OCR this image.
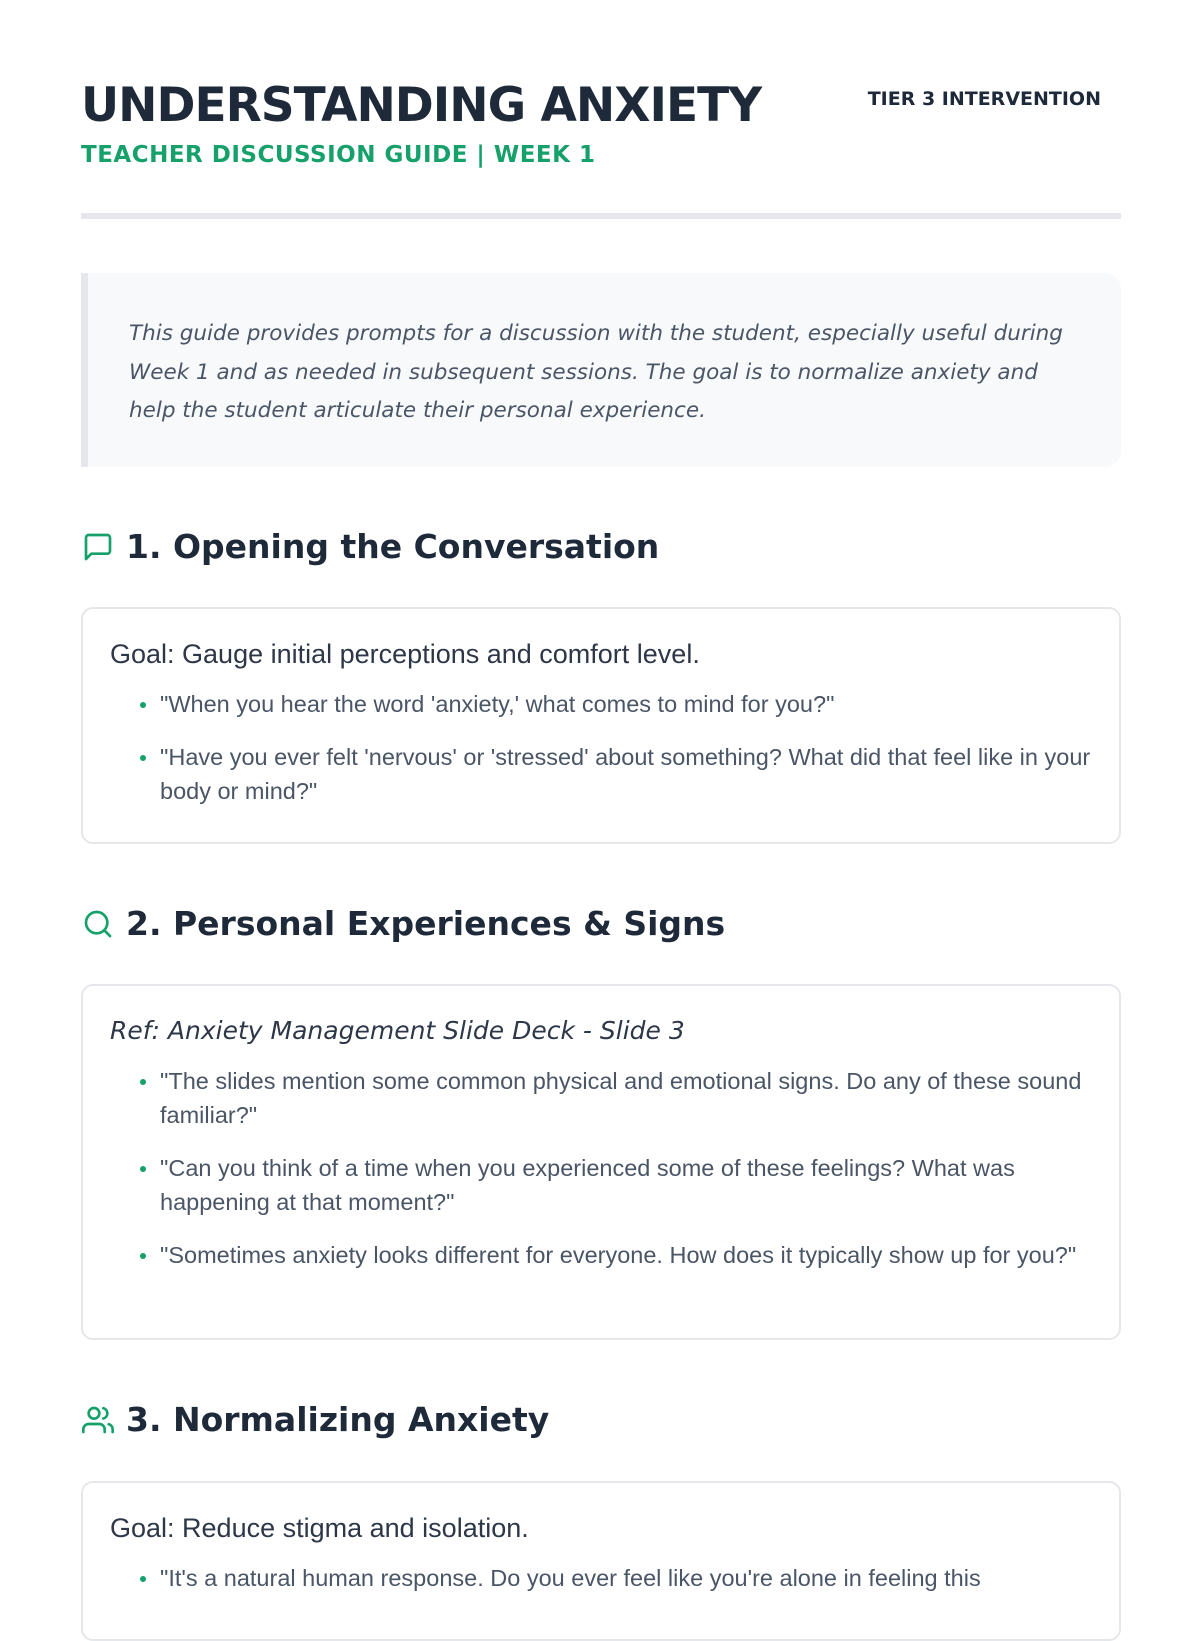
UNDERSTANDING ANXIETY
TEACHER DISCUSSION GUIDE | WEEK 1
TIER 3 INTERVENTION

This guide provides prompts for a discussion with the student, especially useful during Week 1 and as needed in subsequent sessions. The goal is to normalize anxiety and help the student articulate their personal experience.

1. Opening the Conversation

Goal: Gauge initial perceptions and comfort level.

"When you hear the word 'anxiety,' what comes to mind for you?"
"Have you ever felt 'nervous' or 'stressed' about something? What did that feel like in your body or mind?"
2. Personal Experiences & Signs

Ref: Anxiety Management Slide Deck - Slide 3

"The slides mention some common physical and emotional signs. Do any of these sound familiar?"
"Can you think of a time when you experienced some of these feelings? What was happening at that moment?"
"Sometimes anxiety looks different for everyone. How does it typically show up for you?"
3. Normalizing Anxiety

Goal: Reduce stigma and isolation.

"It's a natural human response. Do you ever feel like you're alone in feeling this
